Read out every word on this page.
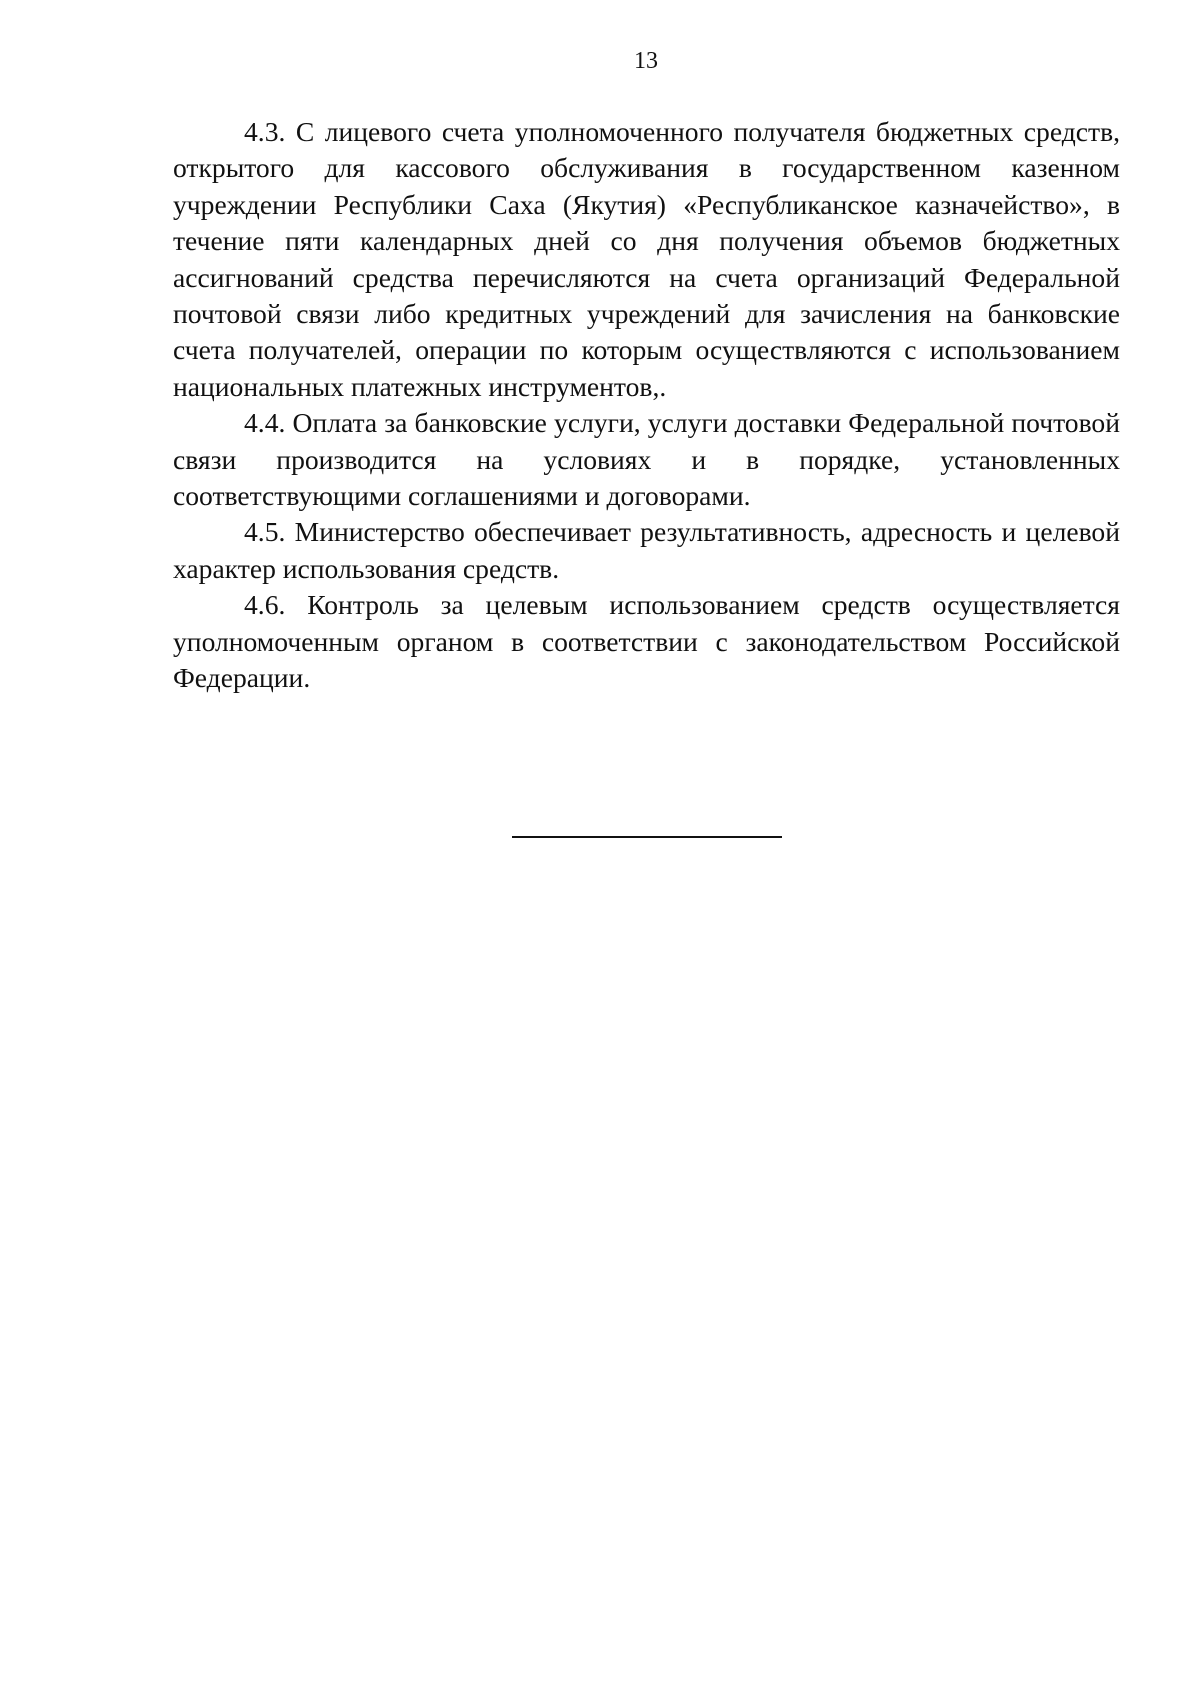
13

4.3. С лицевого счета уполномоченного получателя бюджетных средств, открытого для кассового обслуживания в государственном казенном учреждении Республики Саха (Якутия) «Республиканское казначейство», в течение пяти календарных дней со дня получения объемов бюджетных ассигнований средства перечисляются на счета организаций Федеральной почтовой связи либо кредитных учреждений для зачисления на банковские счета получателей, операции по которым осуществляются с использованием национальных платежных инструментов,.

4.4. Оплата за банковские услуги, услуги доставки Федеральной почтовой связи производится на условиях и в порядке, установленных соответствующими соглашениями и договорами.

4.5. Министерство обеспечивает результативность, адресность и целевой характер использования средств.

4.6. Контроль за целевым использованием средств осуществляется уполномоченным органом в соответствии с законодательством Российской Федерации.
